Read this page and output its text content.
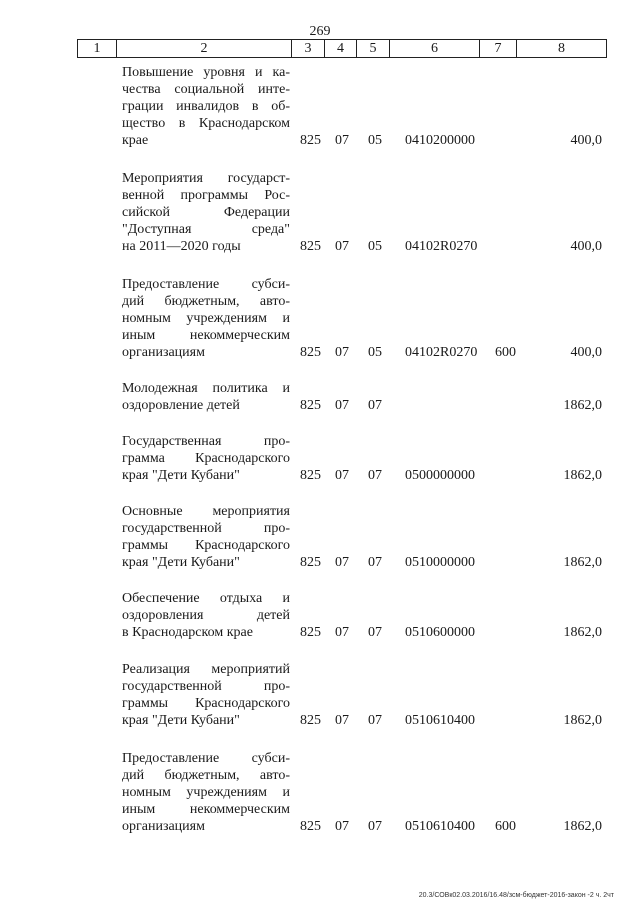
269
1	2	3	4	5	6	7	8
Повышение уровня и ка-
чества социальной инте-
грации инвалидов в об-
щество в Краснодарском
крае	825 07 05 0410200000	400,0
Мероприятия государст-
венной программы Рос-
сийской Федерации
"Доступная среда"
на 2011—2020 годы	825 07 05 04102R0270	400,0
Предоставление субси-
дий бюджетным, авто-
номным учреждениям и
иным некоммерческим
организациям	825 07 05 04102R0270 600	400,0
Молодежная политика и
оздоровление детей	825 07 07	1862,0
Государственная про-
грамма Краснодарского
края "Дети Кубани"	825 07 07 0500000000	1862,0
Основные мероприятия
государственной про-
граммы Краснодарского
края "Дети Кубани"	825 07 07 0510000000	1862,0
Обеспечение отдыха и
оздоровления детей
в Краснодарском крае	825 07 07 0510600000	1862,0
Реализация мероприятий
государственной про-
граммы Краснодарского
края "Дети Кубани"	825 07 07 0510610400	1862,0
Предоставление субси-
дий бюджетным, авто-
номным учреждениям и
иным некоммерческим
организациям	825 07 07 0510610400 600	1862,0
20.3/СОВк02.03.2016/16.48/зсм-бюджет-2016-закон -2 ч. 2чт
